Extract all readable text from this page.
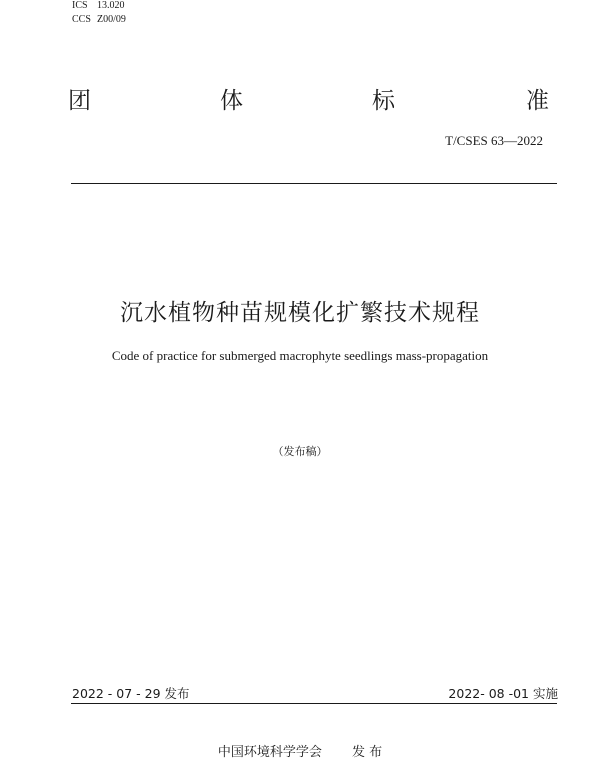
ICS 13.020
CCS Z00/09
团	体	标	准
T/CSES 63—2022
沉水植物种苗规模化扩繁技术规程
Code of practice for submerged macrophyte seedlings mass-propagation
（发布稿）
2022 - 07 - 29 发布	2022- 08 -01 实施
中国环境科学学会 发 布
